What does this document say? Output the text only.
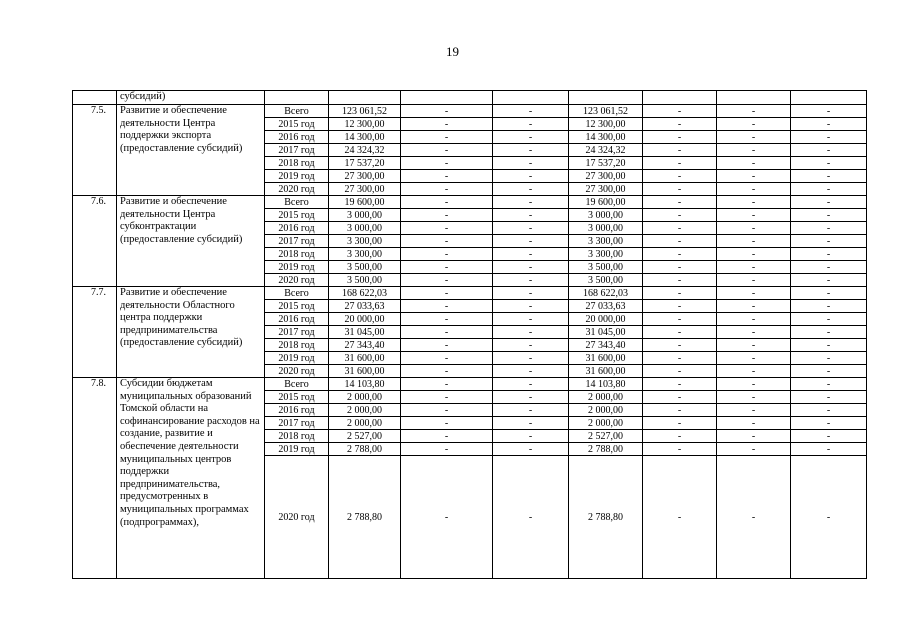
19
	субсидий)								
7.5.	Развитие и обеспечение деятельности Центра поддержки экспорта (предоставление субсидий)	Всего	123 061,52	-	-	123 061,52	-	-	-
		2015 год	12 300,00	-	-	12 300,00	-	-	-
		2016 год	14 300,00	-	-	14 300,00	-	-	-
		2017 год	24 324,32	-	-	24 324,32	-	-	-
		2018 год	17 537,20	-	-	17 537,20	-	-	-
		2019 год	27 300,00	-	-	27 300,00	-	-	-
		2020 год	27 300,00	-	-	27 300,00	-	-	-
7.6.	Развитие и обеспечение деятельности Центра субконтрактации (предоставление субсидий)	Всего	19 600,00	-	-	19 600,00	-	-	-
		2015 год	3 000,00	-	-	3 000,00	-	-	-
		2016 год	3 000,00	-	-	3 000,00	-	-	-
		2017 год	3 300,00	-	-	3 300,00	-	-	-
		2018 год	3 300,00	-	-	3 300,00	-	-	-
		2019 год	3 500,00	-	-	3 500,00	-	-	-
		2020 год	3 500,00	-	-	3 500,00	-	-	-
7.7.	Развитие и обеспечение деятельности Областного центра поддержки предпринимательства (предоставление субсидий)	Всего	168 622,03	-	-	168 622,03	-	-	-
		2015 год	27 033,63	-	-	27 033,63	-	-	-
		2016 год	20 000,00	-	-	20 000,00	-	-	-
		2017 год	31 045,00	-	-	31 045,00	-	-	-
		2018 год	27 343,40	-	-	27 343,40	-	-	-
		2019 год	31 600,00	-	-	31 600,00	-	-	-
		2020 год	31 600,00	-	-	31 600,00	-	-	-
7.8.	Субсидии бюджетам муниципальных образований Томской области на софинансирование расходов на создание, развитие и обеспечение деятельности муниципальных центров поддержки предпринимательства, предусмотренных в муниципальных программах (подпрограммах),	Всего	14 103,80	-	-	14 103,80	-	-	-
		2015 год	2 000,00	-	-	2 000,00	-	-	-
		2016 год	2 000,00	-	-	2 000,00	-	-	-
		2017 год	2 000,00	-	-	2 000,00	-	-	-
		2018 год	2 527,00	-	-	2 527,00	-	-	-
		2019 год	2 788,00	-	-	2 788,00	-	-	-
		2020 год	2 788,80	-	-	2 788,80	-	-	-
